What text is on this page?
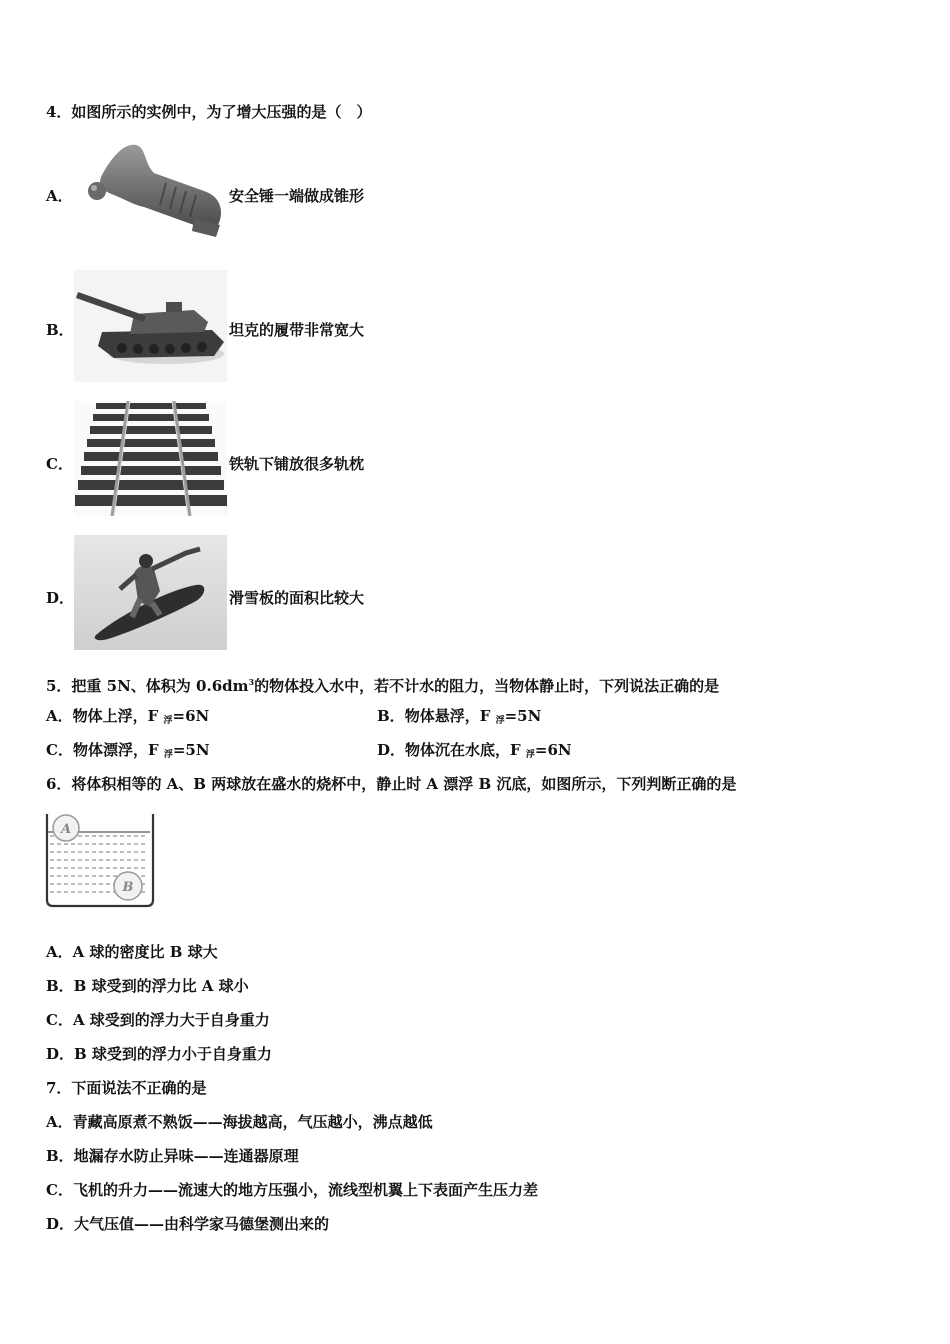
4．如图所示的实例中，为了增大压强的是（　）
A．	安全锤一端做成锥形
B．	坦克的履带非常宽大
C．	铁轨下铺放很多轨枕
D．	滑雪板的面积比较大
5．把重 5N、体积为 $0.6dm^3$的物体投入水中，若不计水的阻力，当物体静止时，下列说法正确的是
A．物体上浮，F 浮=6N	B．物体悬浮，F 浮=5N
C．物体漂浮，F 浮=5N	D．物体沉在水底，F 浮=6N
6．将体积相等的 A、B 两球放在盛水的烧杯中，静止时 A 漂浮 B 沉底，如图所示，下列判断正确的是
A
B
A．A 球的密度比 B 球大
B．B 球受到的浮力比 A 球小
C．A 球受到的浮力大于自身重力
D．B 球受到的浮力小于自身重力
7．下面说法不正确的是
A．青藏高原煮不熟饭——海拔越高，气压越小，沸点越低
B．地漏存水防止异味——连通器原理
C．飞机的升力——流速大的地方压强小，流线型机翼上下表面产生压力差
D．大气压值——由科学家马德堡测出来的
